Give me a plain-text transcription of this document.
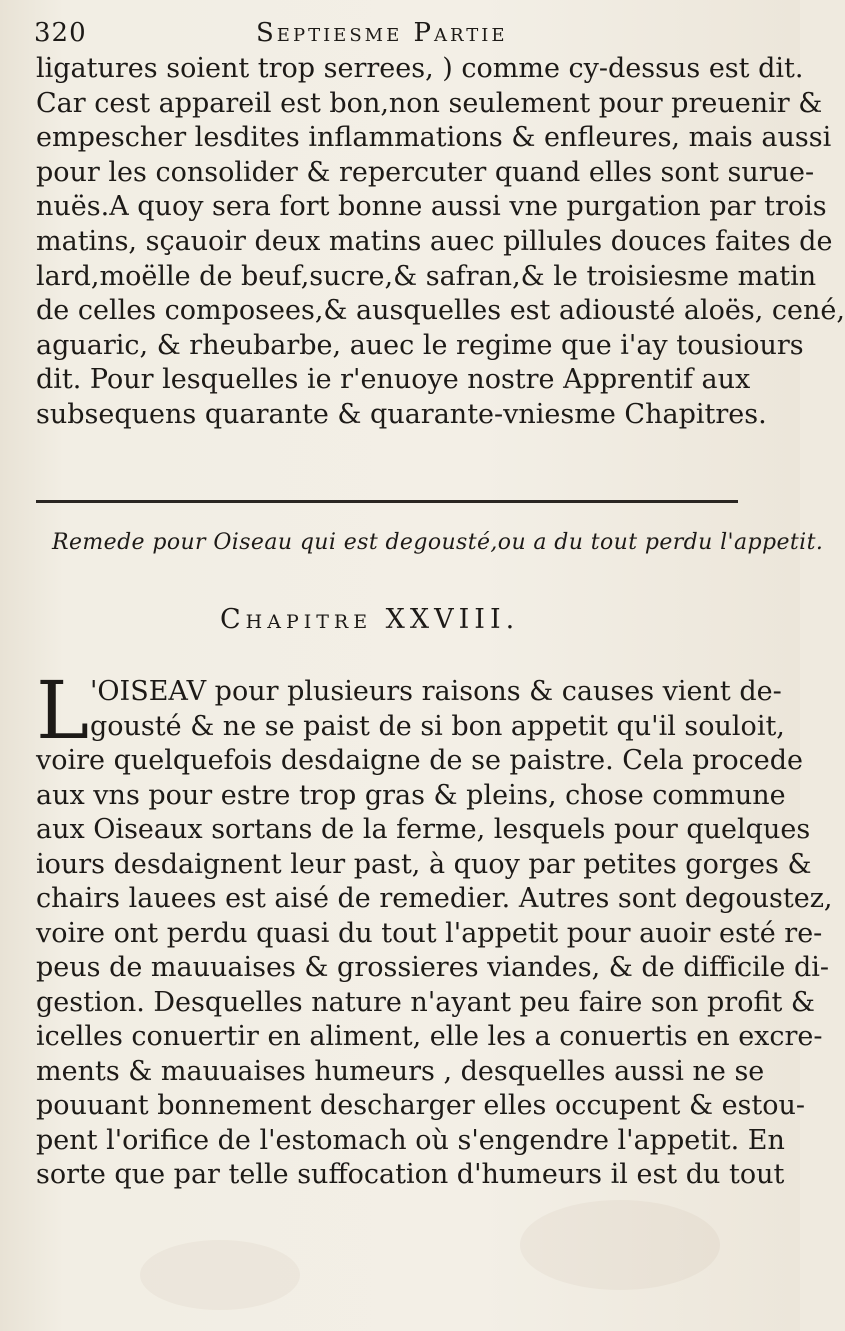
320	Septiesme Partie
ligatures soient trop serrees, ) comme cy-dessus est dit.
Car cest appareil est bon,non seulement pour preuenir &
empescher lesdites inflammations & enfleures, mais aussi
pour les consolider & repercuter quand elles sont surue-
nuës.A quoy sera fort bonne aussi vne purgation par trois
matins, sçauoir deux matins auec pillules douces faites de
lard,moëlle de beuf,sucre,& safran,& le troisiesme matin
de celles composees,& ausquelles est adiousté aloës, cené,
aguaric, & rheubarbe, auec le regime que i'ay tousiours
dit. Pour lesquelles ie r'enuoye nostre Apprentif aux
subsequens quarante & quarante-vniesme Chapitres.
Remede pour Oiseau qui est degousté,ou a du tout perdu l'appetit.
Chapitre XXVIII.
L 'OISEAV pour plusieurs raisons & causes vient de-
gousté & ne se paist de si bon appetit qu'il souloit,
voire quelquefois desdaigne de se paistre. Cela procede
aux vns pour estre trop gras & pleins, chose commune
aux Oiseaux sortans de la ferme, lesquels pour quelques
iours desdaignent leur past, à quoy par petites gorges &
chairs lauees est aisé de remedier. Autres sont degoustez,
voire ont perdu quasi du tout l'appetit pour auoir esté re-
peus de mauuaises & grossieres viandes, & de difficile di-
gestion. Desquelles nature n'ayant peu faire son profit &
icelles conuertir en aliment, elle les a conuertis en excre-
ments & mauuaises humeurs , desquelles aussi ne se
pouuant bonnement descharger elles occupent & estou-
pent l'orifice de l'estomach où s'engendre l'appetit. En
sorte que par telle suffocation d'humeurs il est du tout
